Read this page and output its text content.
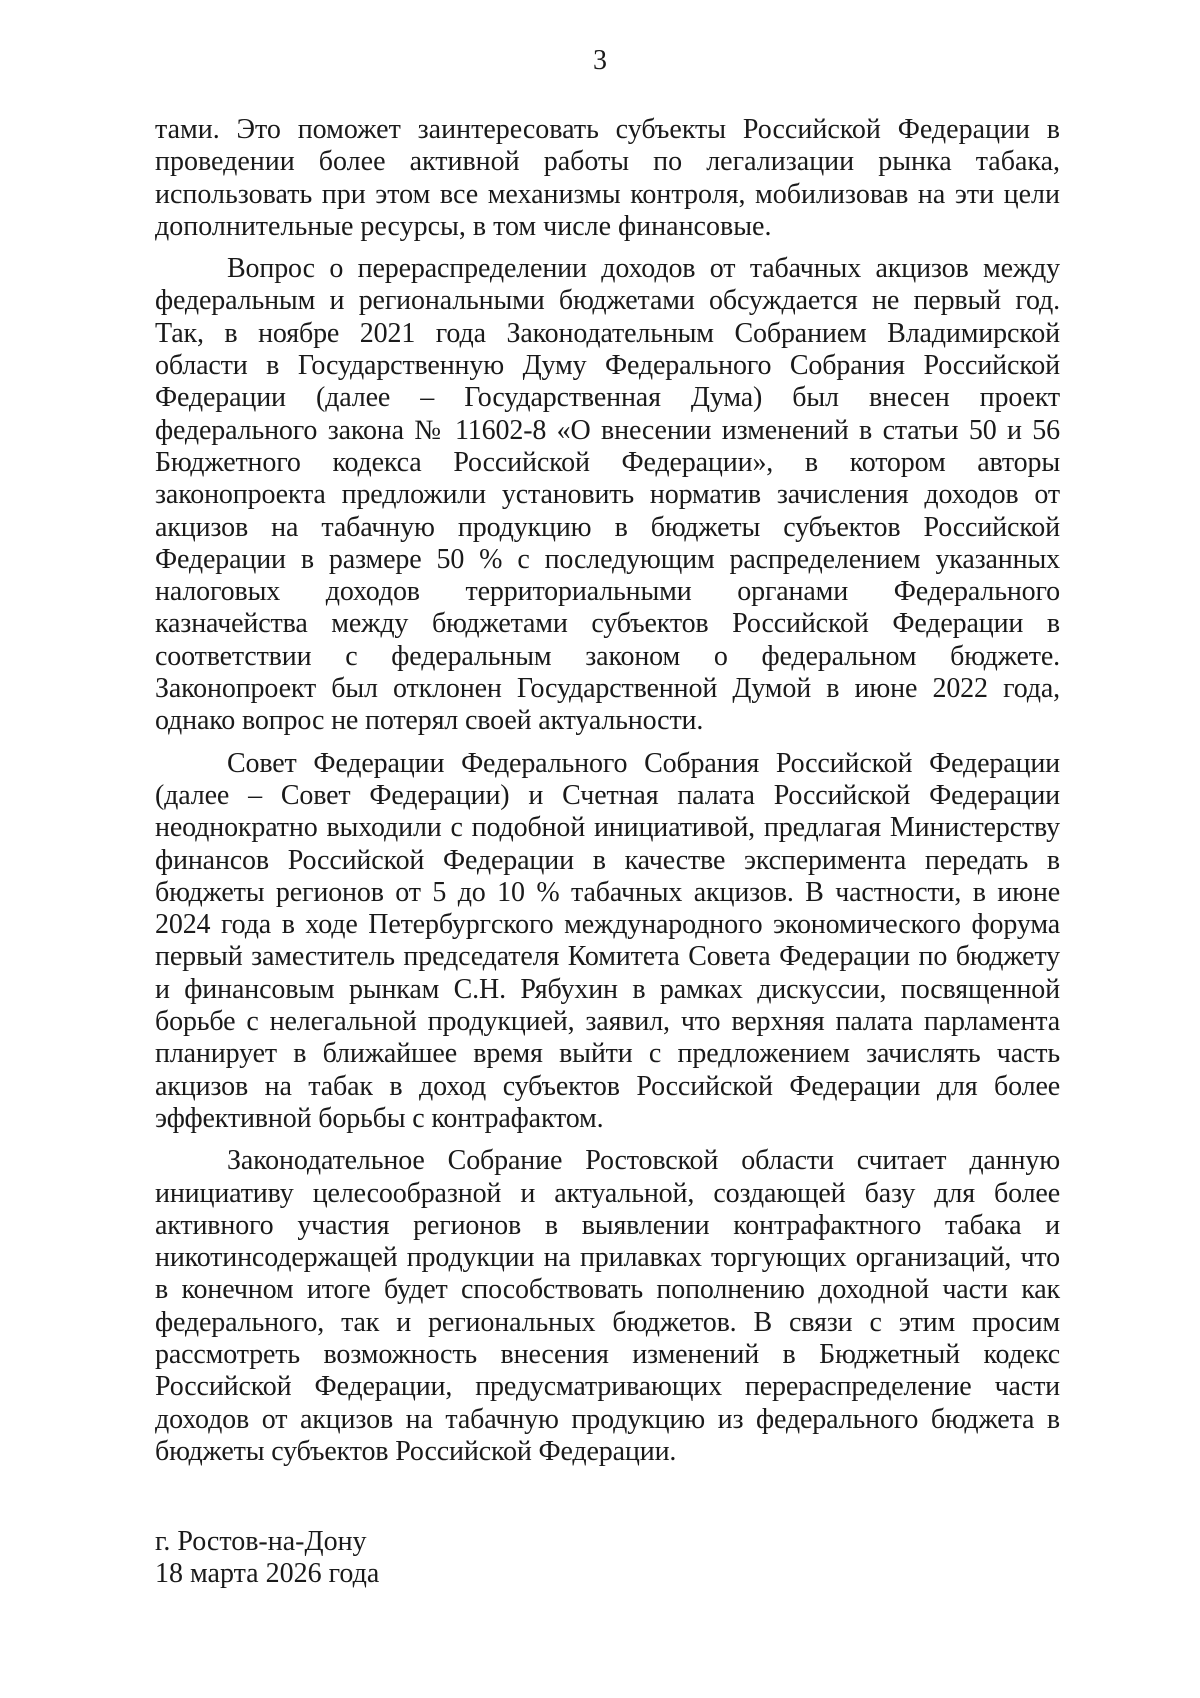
3

тами. Это поможет заинтересовать субъекты Российской Федерации в проведении более активной работы по легализации рынка табака, использовать при этом все механизмы контроля, мобилизовав на эти цели дополнительные ресурсы, в том числе финансовые.

Вопрос о перераспределении доходов от табачных акцизов между федеральным и региональными бюджетами обсуждается не первый год. Так, в ноябре 2021 года Законодательным Собранием Владимирской области в Государственную Думу Федерального Собрания Российской Федерации (далее – Государственная Дума) был внесен проект федерального закона № 11602-8 «О внесении изменений в статьи 50 и 56 Бюджетного кодекса Российской Федерации», в котором авторы законопроекта предложили установить норматив зачисления доходов от акцизов на табачную продукцию в бюджеты субъектов Российской Федерации в размере 50 % с последующим распределением указанных налоговых доходов территориальными органами Федерального казначейства между бюджетами субъектов Российской Федерации в соответствии с федеральным законом о федеральном бюджете. Законопроект был отклонен Государственной Думой в июне 2022 года, однако вопрос не потерял своей актуальности.

Совет Федерации Федерального Собрания Российской Федерации (далее – Совет Федерации) и Счетная палата Российской Федерации неоднократно выходили с подобной инициативой, предлагая Министерству финансов Российской Федерации в качестве эксперимента передать в бюджеты регионов от 5 до 10 % табачных акцизов. В частности, в июне 2024 года в ходе Петербургского международного экономического форума первый заместитель председателя Комитета Совета Федерации по бюджету и финансовым рынкам С.Н. Рябухин в рамках дискуссии, посвященной борьбе с нелегальной продукцией, заявил, что верхняя палата парламента планирует в ближайшее время выйти с предложением зачислять часть акцизов на табак в доход субъектов Российской Федерации для более эффективной борьбы с контрафактом.

Законодательное Собрание Ростовской области считает данную инициативу целесообразной и актуальной, создающей базу для более активного участия регионов в выявлении контрафактного табака и никотинсодержащей продукции на прилавках торгующих организаций, что в конечном итоге будет способствовать пополнению доходной части как федерального, так и региональных бюджетов. В связи с этим просим рассмотреть возможность внесения изменений в Бюджетный кодекс Российской Федерации, предусматривающих перераспределение части доходов от акцизов на табачную продукцию из федерального бюджета в бюджеты субъектов Российской Федерации.

г. Ростов-на-Дону
18 марта 2026 года
